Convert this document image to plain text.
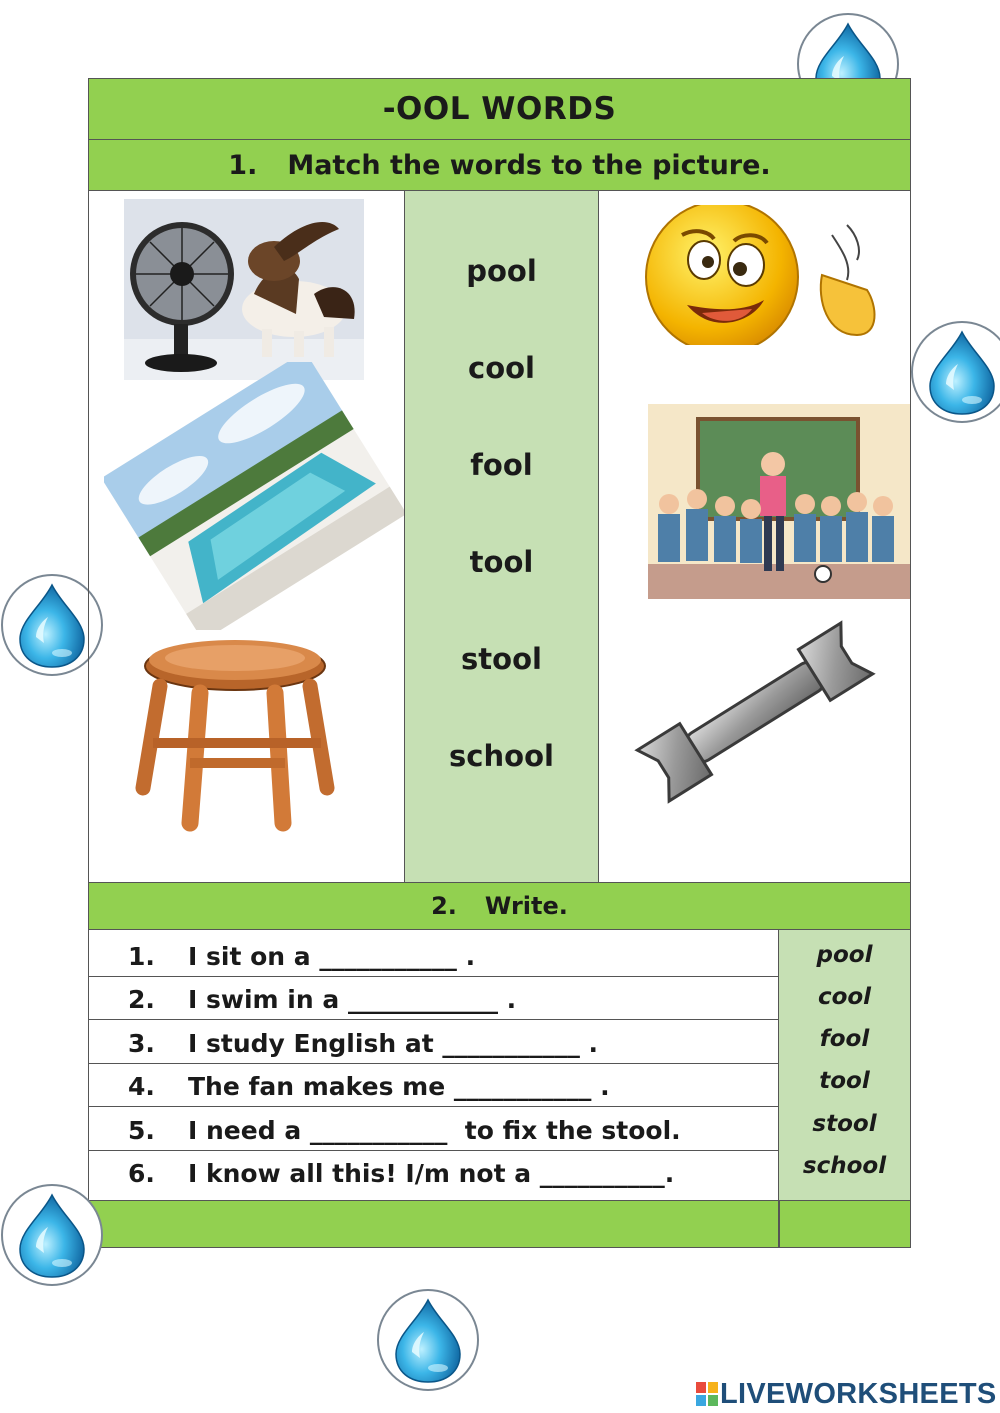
-OOL WORDS
1. Match the words to the picture.
pool
cool
fool
tool
stool
school
2. Write.
1. I sit on a ___________ .
2. I swim in a ____________ .
3. I study English at ___________ .
4. The fan makes me ___________ .
5. I need a ___________  to fix the stool.
6. I know all this! I/m not a __________.
pool
cool
fool
tool
stool
school
LIVEWORKSHEETS
